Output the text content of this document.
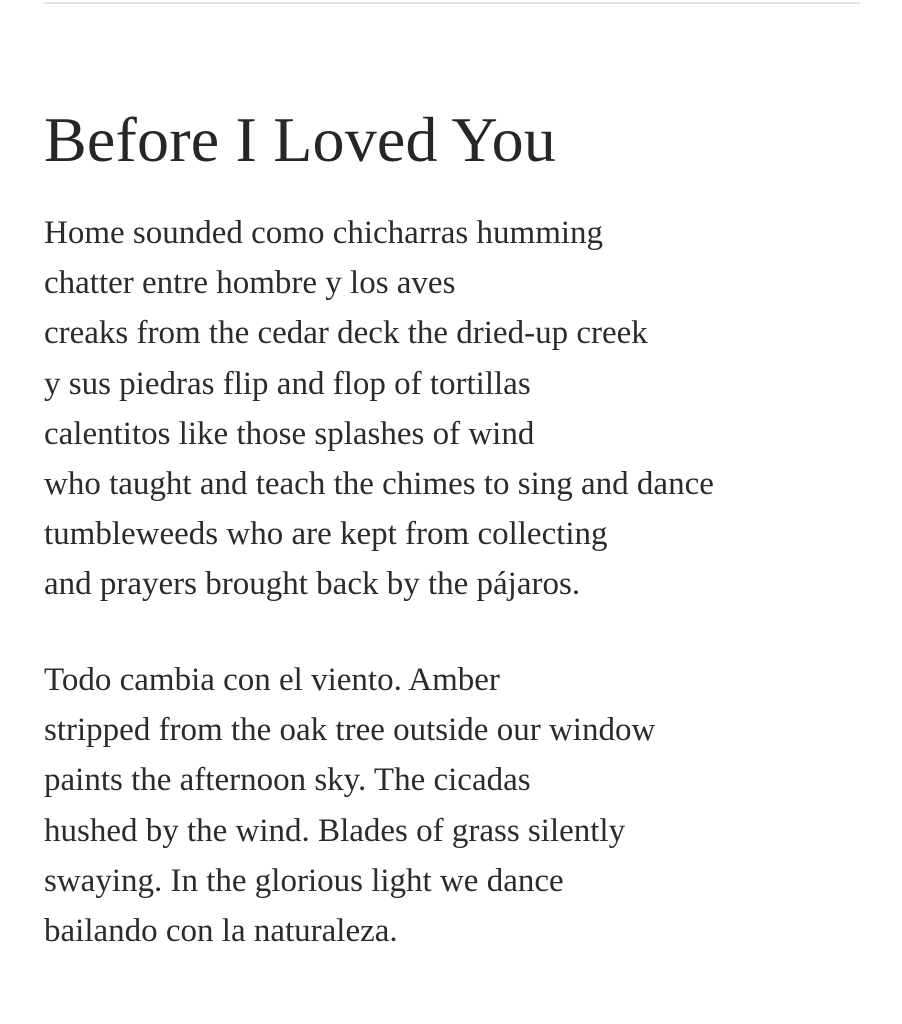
Before I Loved You
Home sounded como chicharras humming
chatter entre hombre y los aves
creaks from the cedar deck the dried-up creek
y sus piedras flip and flop of tortillas
calentitos like those splashes of wind
who taught and teach the chimes to sing and dance
tumbleweeds who are kept from collecting
and prayers brought back by the pájaros.
Todo cambia con el viento. Amber
stripped from the oak tree outside our window
paints the afternoon sky. The cicadas
hushed by the wind. Blades of grass silently
swaying. In the glorious light we dance
bailando con la naturaleza.
